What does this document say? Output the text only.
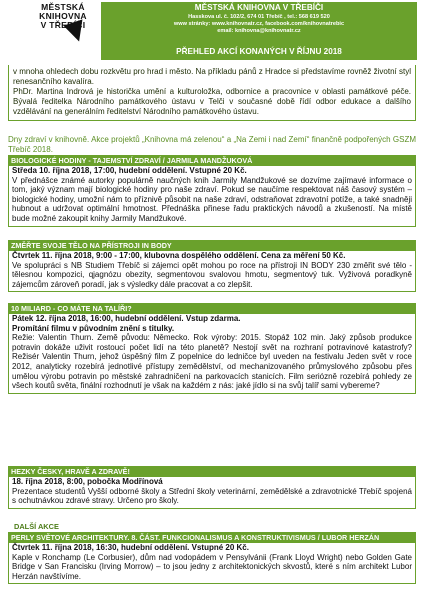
MĚSTSKÁ
KNIHOVNA
V TŘEBÍČI
MĚSTSKÁ KNIHOVNA V TŘEBÍČI
Hasskova ul. č. 102/2, 674 01 Třebíč , tel.: 568 619 520
www stránky: www.knihovnatr.cz, facebook.com/knihovnatrebic
email: knihovna@knihovnatr.cz
PŘEHLED AKCÍ KONANÝCH V ŘÍJNU 2018
v mnoha ohledech dobu rozkvětu pro hrad i město. Na příkladu pánů z Hradce si představíme rovněž životní styl renesančního kavalíra.
PhDr. Martina Indrová je historička umění a kulturoložka, odbornice a pracovnice v oblasti památkové péče. Bývalá ředitelka Národního památkového ústavu v Telči v současné době řídí odbor edukace a dalšího vzdělávání na generálním ředitelství Národního památkového ústavu.
Dny zdraví v knihovně. Akce projektů „Knihovna má zelenou“ a „Na Zemi i nad Zemí“ finančně podpořených GSZM Třebíč 2018.
BIOLOGICKÉ HODINY - TAJEMSTVÍ ZDRAVÍ / JARMILA MANDŽUKOVÁ
Středa 10. října 2018, 17:00, hudební oddělení. Vstupné 20 Kč.
V přednášce známé autorky populárně naučných knih Jarmily Mandžukové se dozvíme zajímavé informace o tom, jaký význam mají biologické hodiny pro naše zdraví. Pokud se naučíme respektovat náš časový systém – biologické hodiny, umožní nám to příznivě působit na naše zdraví, odstraňovat zdravotní potíže, a také snadněji hubnout a udržovat optimální hmotnost. Přednáška přinese řadu praktických návodů a zkušeností. Na místě bude možné zakoupit knihy Jarmily Mandžukové.
ZMĚŘTE SVOJE TĚLO NA PŘÍSTROJI IN BODY
Čtvrtek 11. října 2018, 9:00 - 17:00, klubovna dospělého oddělení. Cena za měření 50 Kč.
Ve spolupráci s NB Studiem Třebíč si zájemci opět mohou po roce na přístroji IN BODY 230 změřit své tělo - tělesnou kompozici, qjagnózu obezity, segmentovou svalovou hmotu, segmentový tuk. Vyživová poradkyně zájemcům zároveň poradí, jak s výsledky dále pracovat a co zlepšit.
10 MILIARD - CO MÁTE NA TALÍŘI?
Pátek 12. října 2018, 16:00, hudební oddělení. Vstup zdarma.
Promítání filmu v původním znění s titulky.
Režie: Valentin Thurn. Země původu: Německo. Rok výroby: 2015. Stopáž 102 min. Jaký způsob produkce potravin dokáže uživit rostoucí počet lidí na této planetě? Nestojí svět na rozhraní potravinové katastrofy? Režisér Valentin Thurn, jehož úspěšný film Z popelnice do ledničce byl uveden na festivalu Jeden svět v roce 2012, analyticky rozebírá jednotlivé přístupy zemědělství, od mechanizovaného průmyslového způsobu přes umělou výrobu potravin po městské zahradničení na parkovacích stanicích. Film seriózně rozebírá pohledy ze všech koutů světa, finální rozhodnutí je však na každém z nás: jaké jídlo si na svůj talíř sami vybereme?
HEZKY ČESKY, HRAVĚ A ZDRAVĚ!
18. října 2018, 8:00, pobočka Modřínová
Prezentace studentů Vyšší odborné školy a Střední školy veterinární, zemědělské a zdravotnické Třebíč spojená s ochutnávkou zdravé stravy. Určeno pro školy.
DALŠÍ AKCE
PERLY SVĚTOVÉ ARCHITEKTURY. 8. ČÁST. FUNKCIONALISMUS A KONSTRUKTIVISMUS / LUBOR HERZÁN
Čtvrtek 11. října 2018, 16:30, hudební oddělení. Vstupné 20 Kč.
Kaple v Ronchamp (Le Corbusier), dům nad vodopádem v Pensylvánii (Frank Lloyd Wright) nebo Golden Gate Bridge v San Francisku (Irving Morrow) – to jsou jedny z architektonických skvostů, které s ním architekt Lubor Herzán navštívíme.
